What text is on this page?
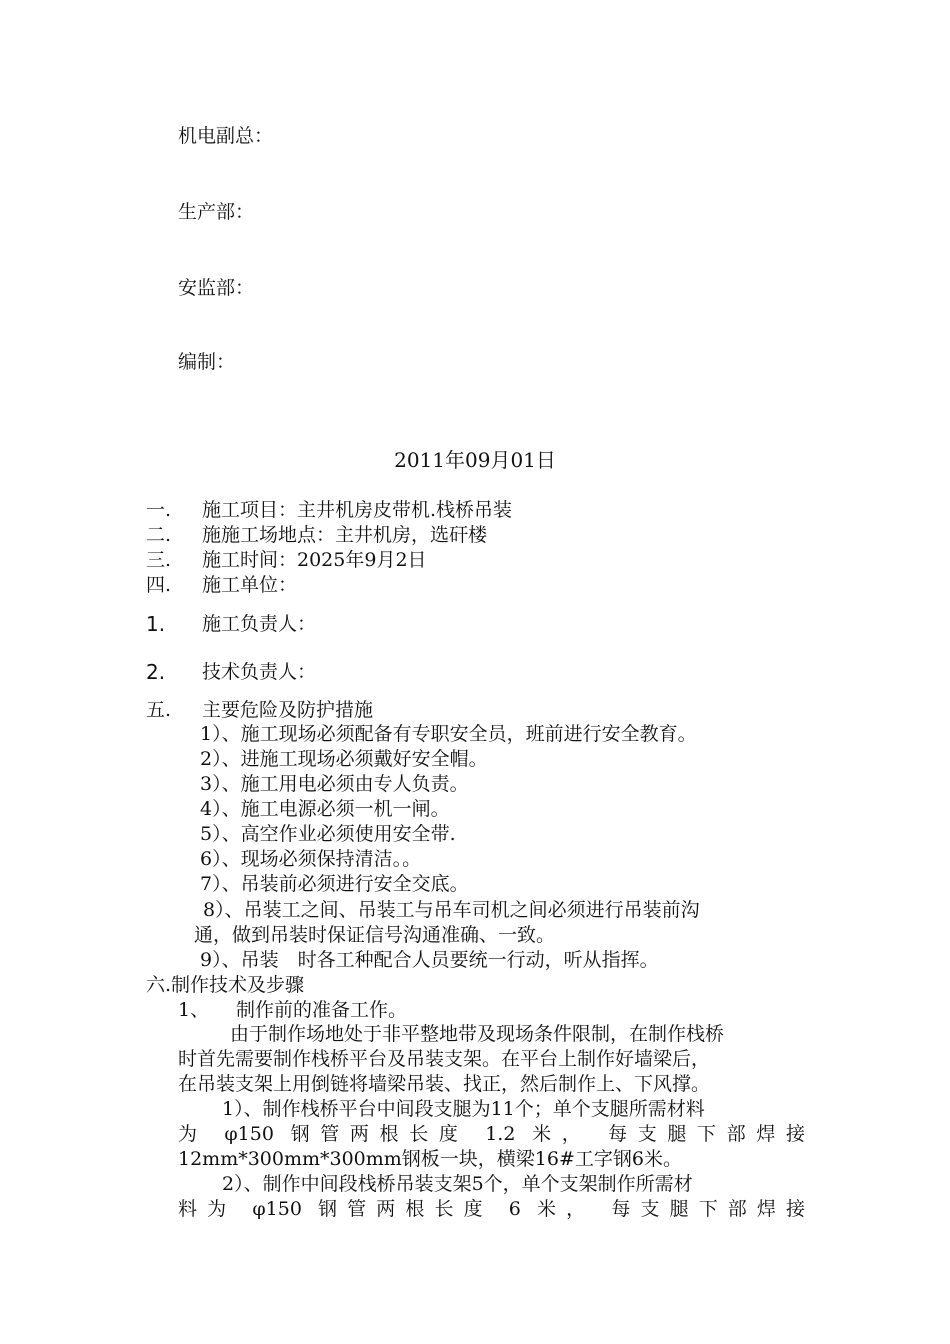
机电副总：
生产部：
安监部：
编制：
2011年09月01日
一. 施工项目：主井机房皮带机.栈桥吊装
二. 施施工场地点：主井机房，选矸楼
三. 施工时间：2025年9月2日
四. 施工单位：
1. 施工负责人：
2. 技术负责人：
五. 主要危险及防护措施
1）、施工现场必须配备有专职安全员，班前进行安全教育。
2）、进施工现场必须戴好安全帽。
3）、施工用电必须由专人负责。
4）、施工电源必须一机一闸。
5）、高空作业必须使用安全带.
6）、现场必须保持清洁。。
7）、吊装前必须进行安全交底。
8）、吊装工之间、吊装工与吊车司机之间必须进行吊装前沟
通，做到吊装时保证信号沟通准确、一致。
9）、吊装　时各工种配合人员要统一行动，听从指挥。
六.制作技术及步骤
1、 制作前的准备工作。
由于制作场地处于非平整地带及现场条件限制，在制作栈桥
时首先需要制作栈桥平台及吊装支架。在平台上制作好墙梁后，
在吊装支架上用倒链将墙梁吊装、找正，然后制作上、下风撑。
1）、制作栈桥平台中间段支腿为11个；单个支腿所需材料
为 φ150 钢管两根长度 1.2 米， 每支腿下部焊接
12mm*300mm*300mm钢板一块，横梁16#工字钢6米。
2）、制作中间段栈桥吊装支架5个，单个支架制作所需材
料为 φ150 钢管两根长度 6 米， 每支腿下部焊接
